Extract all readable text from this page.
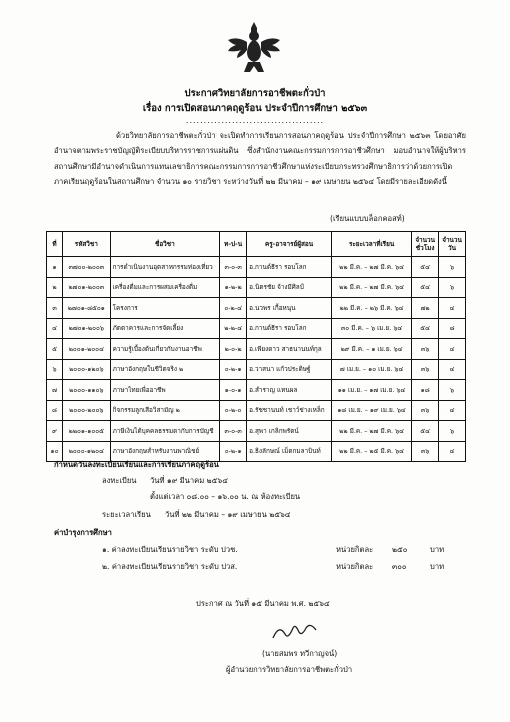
ประกาศวิทยาลัยการอาชีพตะกั่วป่า
เรื่อง การเปิดสอนภาคฤดูร้อน ประจำปีการศึกษา ๒๕๖๓
.......................................
ด้วยวิทยาลัยการอาชีพตะกั่วป่า จะเปิดทำการเรียนการสอนภาคฤดูร้อน ประจำปีการศึกษา ๒๕๖๓ โดยอาศัยอำนาจตามพระราชบัญญัติระเบียบบริหารราชการแผ่นดิน ซึ่งสำนักงานคณะกรรมการการอาชีวศึกษา มอบอำนาจให้ผู้บริหารสถานศึกษามีอำนาจดำเนินการแทนเลขาธิการคณะกรรมการการอาชีวศึกษาแห่งระเบียบกระทรวงศึกษาธิการว่าด้วยการเปิดภาคเรียนฤดูร้อนในสถานศึกษา จำนวน ๑๐ รายวิชา ระหว่างวันที่ ๒๒ มีนาคม – ๑๙ เมษายน ๒๕๖๔ โดยมีรายละเอียดดังนี้
(เรียนแบบบล็อกคอสท์)
ที่	รหัสวิชา	ชื่อวิชา	ท-ป-น	ครู-อาจารย์ผู้สอน	ระยะเวลาที่เรียน	จำนวนชั่วโมง	จำนวนวัน
๑	๓๗๐๐-๒๐๐๓	การดำเนินงานอุตสาหกรรมท่องเที่ยว	๓-๐-๓	อ.กานต์ธีรา รอบโลก	๒๒ มี.ค. – ๒๗ มี.ค. ๖๔	๕๔	๖
๒	๒๗๐๑-๒๐๐๓	เครื่องดื่มและการผสมเครื่องดื่ม	๑-๒-๒	อ.นิตรชัย จ้างมีศิลป์	๒๒ มี.ค. – ๒๗ มี.ค. ๖๔	๕๔	๖
๓	๒๗๐๑-๘๕๐๑	โครงการ	๐-๒-๔	อ.นวพร เกื้อหนุน	๒๒ มี.ค. – ๒๖ มี.ค. ๖๔	๗๒	๔
๔	๒๗๐๑-๒๐๐๖	ภัตตาคารและการจัดเลี้ยง	๒-๒-๔	อ.กานต์ธีรา รอบโลก	๓๐ มี.ค. – ๖ เม.ย. ๖๔	๕๔	๘
๕	๒๐๐๑-๒๐๐๔	ความรู้เบื้องต้นเกี่ยวกับงานอาชีพ	๒-๐-๒	อ.เพียงดาว สาธนานนท์กุล	๒๙ มี.ค. – ๑ เม.ย. ๖๔	๓๖	๔
๖	๒๐๐๐-๑๒๐๖	ภาษาอังกฤษในชีวิตจริง ๒	๐-๒-๑	อ.วาสนา แก้วประดิษฐ์	๗ เม.ย. – ๑๐ เม.ย. ๖๔	๓๖	๔
๗	๒๐๐๐-๑๑๐๖	ภาษาไทยเพื่ออาชีพ	๑-๐-๑	อ.สำราญ แทนผล	๑๑ เม.ย. – ๑๗ เม.ย. ๖๔	๑๘	๖
๘	๒๐๐๐-๒๐๐๖	กิจกรรมลูกเสือวิสามัญ ๒	๐-๒-๐	อ.รัชชานนท์ เชาว์ช่างเหล็ก	๑๘ เม.ย. – ๑๙ เม.ย. ๖๔	๓๖	๔
๙	๒๒๐๑-๑๐๐๕	ภาษีเงินได้บุคคลธรรมดากับการบัญชี	๓-๐-๓	อ.สุพา เกลิกพรัตน์	๒๒ มี.ค. – ๒๗ มี.ค. ๖๔	๕๔	๖
๑๐	๒๐๐๐-๑๒๐๔	ภาษาอังกฤษสำหรับงานพาณิชย์	๐-๒-๑	อ.ธิงลักษณ์ เม็ดกมลาบินท์	๒๒ มี.ค. – ๒๕ มี.ค. ๖๔	๓๖	๔
กำหนดวันลงทะเบียนเรียนและการเรียนภาคฤดูร้อน
ลงทะเบียน วันที่ ๑๙ มีนาคม ๒๕๖๔
ตั้งแต่เวลา ๐๘.๐๐ – ๑๖.๐๐ น. ณ ห้องทะเบียน
ระยะเวลาเรียน วันที่ ๒๒ มีนาคม – ๑๙ เมษายน ๒๕๖๔
ค่าบำรุงการศึกษา
๑. ค่าลงทะเบียนเรียนรายวิชา ระดับ ปวช.	หน่วยกิตละ ๒๕๐	บาท
๒. ค่าลงทะเบียนเรียนรายวิชา ระดับ ปวส.	หน่วยกิตละ ๓๐๐	บาท
ประกาศ ณ วันที่ ๑๕ มีนาคม พ.ศ. ๒๕๖๔
(นายสมพร ทวีกาญจน์)
ผู้อำนวยการวิทยาลัยการอาชีพตะกั่วป่า
